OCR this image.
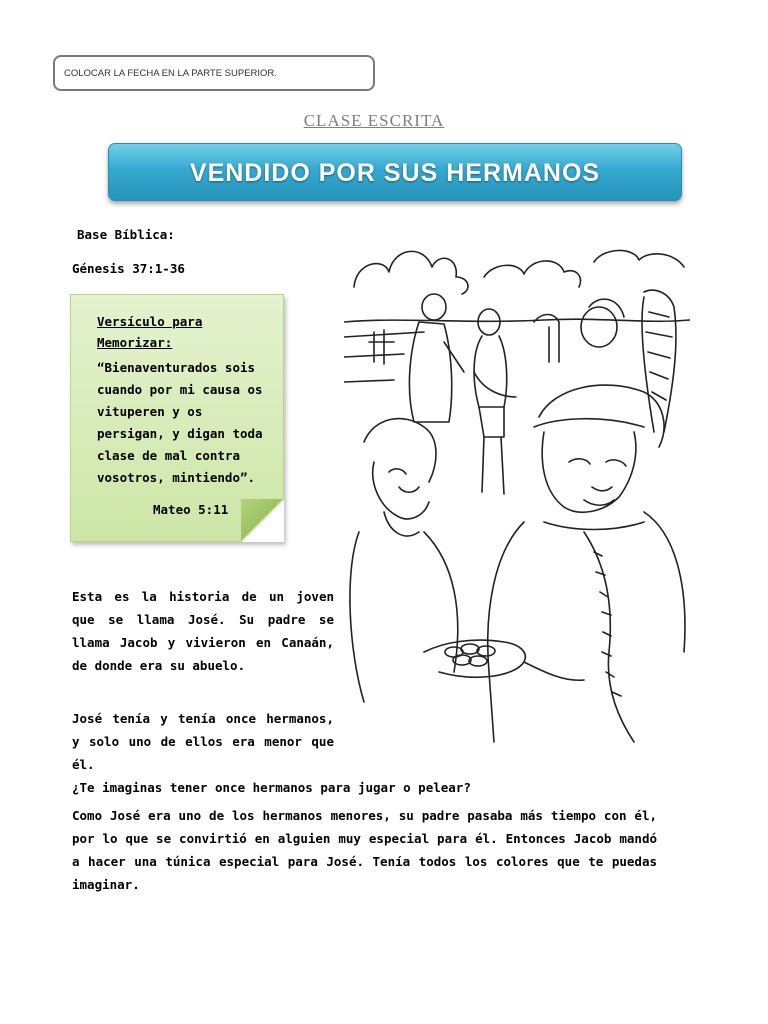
COLOCAR LA FECHA EN LA PARTE SUPERIOR.
CLASE ESCRITA
VENDIDO POR SUS HERMANOS
Base Bíblica:
Génesis 37:1-36
Versículo para
Memorizar:
“Bienaventurados sois cuando por mi causa os vituperen y os persigan, y digan toda clase de mal contra vosotros, mintiendo”.
Mateo 5:11
Esta es la historia de un joven que se llama José. Su padre se llama Jacob y vivieron en Canaán, de donde era su abuelo.
José tenía y tenía once hermanos, y solo uno de ellos era menor que él.
¿Te imaginas tener once hermanos para jugar o pelear?
Como José era uno de los hermanos menores, su padre pasaba más tiempo con él, por lo que se convirtió en alguien muy especial para él. Entonces Jacob mandó a hacer una túnica especial para José. Tenía todos los colores que te puedas imaginar.
